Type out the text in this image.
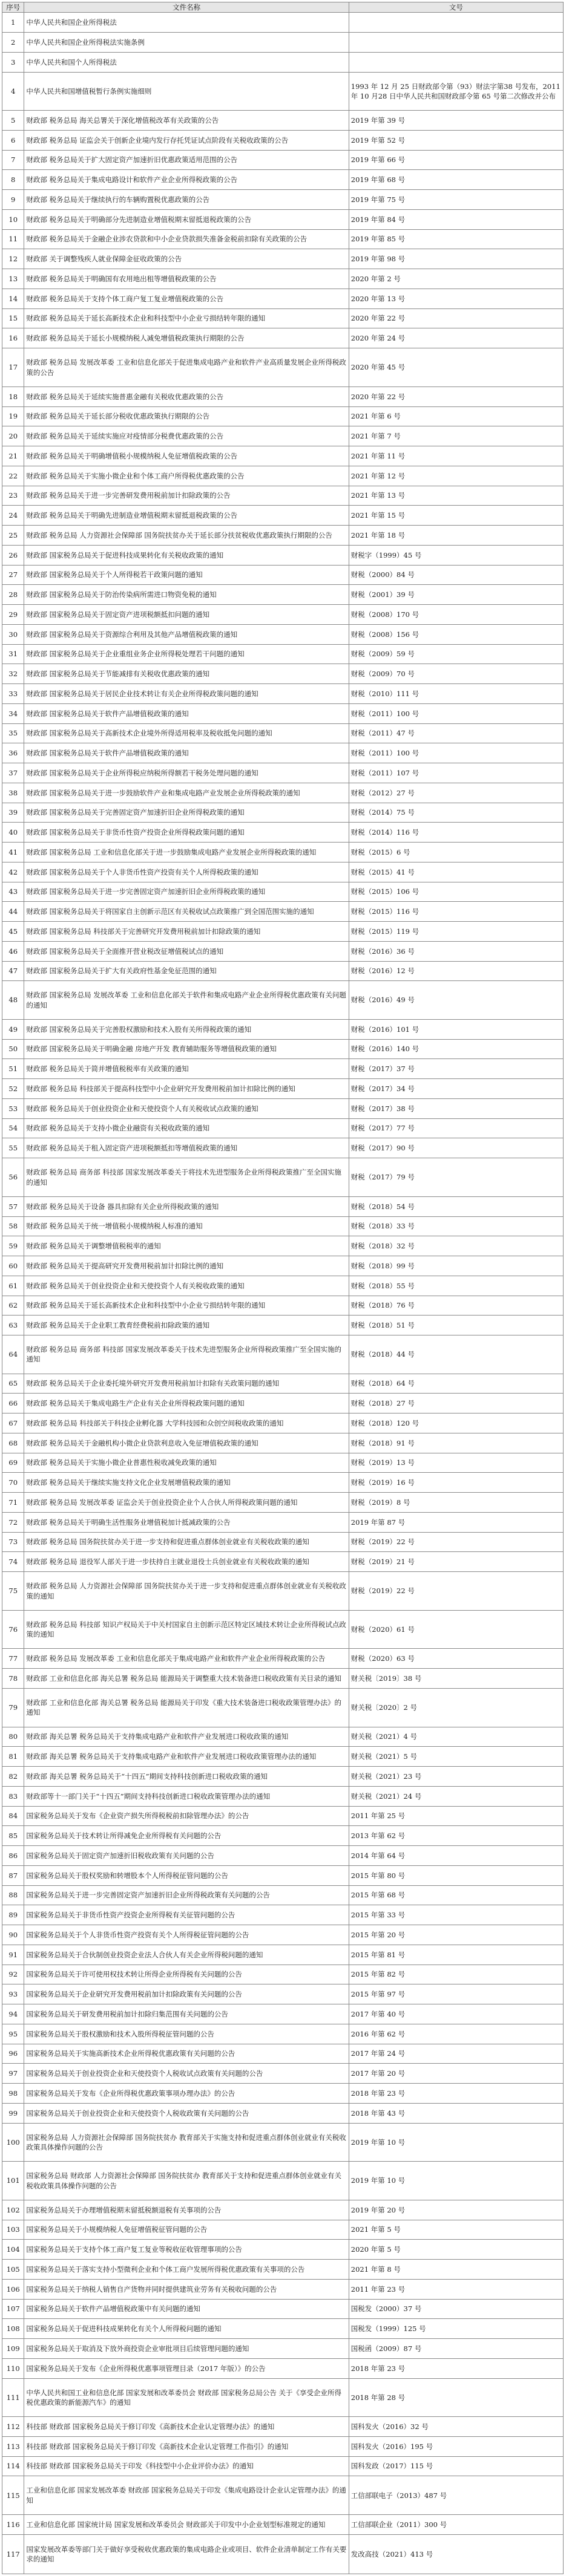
序号	文件名称	文号
1	中华人民共和国企业所得税法	
2	中华人民共和国企业所得税法实施条例	
3	中华人民共和国个人所得税法	
4	中华人民共和国增值税暂行条例实施细则	1993 年 12 月 25 日财政部令第（93）财法字第38 号发布，2011 年 10 月28 日中华人民共和国财政部令第 65 号第二次修改并公布
5	财政部 税务总局 海关总署关于深化增值税改革有关政策的公告	2019 年第 39 号
6	财政部 税务总局 证监会关于创新企业境内发行存托凭证试点阶段有关税收政策的公告	2019 年第 52 号
7	财政部 税务总局关于扩大固定资产加速折旧优惠政策适用范围的公告	2019 年第 66 号
8	财政部 税务总局关于集成电路设计和软件产业企业所得税政策的公告	2019 年第 68 号
9	财政部 税务总局关于继续执行的车辆购置税优惠政策的公告	2019 年第 75 号
10	财政部 税务总局关于明确部分先进制造业增值税期末留抵退税政策的公告	2019 年第 84 号
11	财政部 税务总局关于金融企业涉农贷款和中小企业贷款损失准备金税前扣除有关政策的公告	2019 年第 85 号
12	财政部 关于调整残疾人就业保障金征收政策的公告	2019 年第 98 号
13	财政部 税务总局关于明确国有农用地出租等增值税政策的公告	2020 年第 2 号
14	财政部 税务总局关于支持个体工商户复工复业增值税政策的公告	2020 年第 13 号
15	财政部 税务总局关于延长高新技术企业和科技型中小企业亏损结转年限的通知	2020 年第 22 号
16	财政部 税务总局关于延长小规模纳税人减免增值税政策执行期限的公告	2020 年第 24 号
17	财政部 税务总局 发展改革委 工业和信息化部关于促进集成电路产业和软件产业高质量发展企业所得税政策的公告	2020 年第 45 号
18	财政部 税务总局关于延续实施普惠金融有关税收优惠政策的公告	2020 年第 22 号
19	财政部 税务总局关于延长部分税收优惠政策执行期限的公告	2021 年第 6 号
20	财政部 税务总局关于延续实施应对疫情部分税费优惠政策的公告	2021 年第 7 号
21	财政部 税务总局关于明确增值税小规模纳税人免征增值税政策的公告	2021 年第 11 号
22	财政部 税务总局关于实施小微企业和个体工商户所得税优惠政策的公告	2021 年第 12 号
23	财政部 税务总局关于进一步完善研发费用税前加计扣除政策的公告	2021 年第 13 号
24	财政部 税务总局关于明确先进制造业增值税期末留抵退税政策的公告	2021 年第 15 号
25	财政部 税务总局 人力资源社会保障部 国务院扶贫办关于延长部分扶贫税收优惠政策执行期限的公告	2021 年第 18 号
26	财政部 国家税务总局关于促进科技成果转化有关税收政策的通知	财税字（1999）45 号
27	财政部 国家税务总局关于个人所得税若干政策问题的通知	财税（2000）84 号
28	财政部 国家税务总局关于防治传染病所需进口物资免税的通知	财税（2001）39 号
29	财政部 国家税务总局关于固定资产进项税额抵扣问题的通知	财税（2008）170 号
30	财政部 国家税务总局关于资源综合利用及其他产品增值税政策的通知	财税（2008）156 号
31	财政部 国家税务总局关于企业重组业务企业所得税处理若干问题的通知	财税（2009）59 号
32	财政部 国家税务总局关于节能减排有关税收优惠政策的通知	财税（2009）70 号
33	财政部 国家税务总局关于居民企业技术转让有关企业所得税政策问题的通知	财税（2010）111 号
34	财政部 国家税务总局关于软件产品增值税政策的通知	财税（2011）100 号
35	财政部 国家税务总局关于高新技术企业境外所得适用税率及税收抵免问题的通知	财税（2011）47 号
36	财政部 国家税务总局关于软件产品增值税政策的通知	财税（2011）100 号
37	财政部 国家税务总局关于企业所得税应纳税所得额若干税务处理问题的通知	财税（2011）107 号
38	财政部 国家税务总局关于进一步鼓励软件产业和集成电路产业发展企业所得税政策的通知	财税（2012）27 号
39	财政部 国家税务总局关于完善固定资产加速折旧企业所得税政策的通知	财税（2014）75 号
40	财政部 国家税务总局关于非货币性资产投资企业所得税政策问题的通知	财税（2014）116 号
41	财政部 国家税务总局 工业和信息化部关于进一步鼓励集成电路产业发展企业所得税政策的通知	财税（2015）6 号
42	财政部 国家税务总局关于个人非货币性资产投资有关个人所得税政策的通知	财税（2015）41 号
43	财政部 国家税务总局关于进一步完善固定资产加速折旧企业所得税政策的通知	财税（2015）106 号
44	财政部 国家税务总局关于将国家自主创新示范区有关税收试点政策推广到全国范围实施的通知	财税（2015）116 号
45	财政部 国家税务总局 科技部关于完善研究开发费用税前加计扣除政策的通知	财税（2015）119 号
46	财政部 国家税务总局关于全面推开营业税改征增值税试点的通知	财税（2016）36 号
47	财政部 国家税务总局关于扩大有关政府性基金免征范围的通知	财税（2016）12 号
48	财政部 国家税务总局 发展改革委 工业和信息化部关于软件和集成电路产业企业所得税优惠政策有关问题的通知	财税（2016）49 号
49	财政部 国家税务总局关于完善股权激励和技术入股有关所得税政策的通知	财税（2016）101 号
50	财政部 国家税务总局关于明确金融 房地产开发 教育辅助服务等增值税政策的通知	财税（2016）140 号
51	财政部 税务总局关于简并增值税税率有关政策的通知	财税（2017）37 号
52	财政部 税务总局 科技部关于提高科技型中小企业研究开发费用税前加计扣除比例的通知	财税（2017）34 号
53	财政部 税务总局关于创业投资企业和天使投资个人有关税收试点政策的通知	财税（2017）38 号
54	财政部 税务总局关于支持小微企业融资有关税收政策的通知	财税（2017）77 号
55	财政部 税务总局关于租入固定资产进项税额抵扣等增值税政策的通知	财税（2017）90 号
56	财政部 税务总局 商务部 科技部 国家发展改革委关于将技术先进型服务企业所得税政策推广至全国实施的通知	财税（2017）79 号
57	财政部 税务总局关于设备 器具扣除有关企业所得税政策的通知	财税（2018）54 号
58	财政部 税务总局关于统一增值税小规模纳税人标准的通知	财税（2018）33 号
59	财政部 税务总局关于调整增值税税率的通知	财税（2018）32 号
60	财政部 税务总局关于提高研究开发费用税前加计扣除比例的通知	财税（2018）99 号
61	财政部 税务总局关于创业投资企业和天使投资个人有关税收政策的通知	财税（2018）55 号
62	财政部 税务总局关于延长高新技术企业和科技型中小企业亏损结转年限的通知	财税（2018）76 号
63	财政部 税务总局关于企业职工教育经费税前扣除政策的通知	财税（2018）51 号
64	财政部 税务总局 商务部 科技部 国家发展改革委关于技术先进型服务企业所得税政策推广至全国实施的通知	财税（2018）44 号
65	财政部 税务总局关于企业委托境外研究开发费用税前加计扣除有关政策问题的通知	财税（2018）64 号
66	财政部 税务总局关于集成电路生产企业有关企业所得税政策问题的通知	财税（2018）27 号
67	财政部 税务总局 科技部关于科技企业孵化器 大学科技园和众创空间税收政策的通知	财税（2018）120 号
68	财政部 税务总局关于金融机构小微企业贷款利息收入免征增值税政策的通知	财税（2018）91 号
69	财政部 税务总局关于实施小微企业普惠性税收减免政策的通知	财税（2019）13 号
70	财政部 税务总局关于继续实施支持文化企业发展增值税政策的通知	财税（2019）16 号
71	财政部 税务总局 发展改革委 证监会关于创业投资企业个人合伙人所得税政策问题的通知	财税（2019）8 号
72	财政部 税务总局关于明确生活性服务业增值税加计抵减政策的公告	2019 年第 87 号
73	财政部 税务总局 国务院扶贫办关于进一步支持和促进重点群体创业就业有关税收政策的通知	财税（2019）22 号
74	财政部 税务总局 退役军人部关于进一步扶持自主就业退役士兵创业就业有关税收政策的通知	财税（2019）21 号
75	财政部 税务总局 人力资源社会保障部 国务院扶贫办关于进一步支持和促进重点群体创业就业有关税收政策的通知	财税（2019）22 号
76	财政部 税务总局 科技部 知识产权局关于中关村国家自主创新示范区特定区域技术转让企业所得税试点政策的通知	财税（2020）61 号
77	财政部 税务总局 发展改革委 工业和信息化部关于集成电路产业和软件产业企业所得税政策的公告	财税（2020）63 号
78	财政部 工业和信息化部 海关总署 税务总局 能源局关于调整重大技术装备进口税收政策有关目录的通知	财关税〔2019〕38 号
79	财政部 工业和信息化部 海关总署 税务总局 能源局关于印发《重大技术装备进口税收政策管理办法》的通知	财关税〔2020〕2 号
80	财政部 海关总署 税务总局关于支持集成电路产业和软件产业发展进口税收政策的通知	财关税（2021）4 号
81	财政部 海关总署 税务总局关于支持集成电路产业和软件产业发展进口税收政策管理办法的通知	财关税（2021）5 号
82	财政部 海关总署 税务总局关于“十四五”期间支持科技创新进口税收政策的通知	财关税（2021）23 号
83	财政部等十一部门关于“十四五”期间支持科技创新进口税收政策管理办法的通知	财关税（2021）24 号
84	国家税务总局关于发布《企业资产损失所得税税前扣除管理办法》的公告	2011 年第 25 号
85	国家税务总局关于技术转让所得减免企业所得税有关问题的公告	2013 年第 62 号
86	国家税务总局关于固定资产加速折旧税收政策有关问题的公告	2014 年第 64 号
87	国家税务总局关于股权奖励和转增股本个人所得税征管问题的公告	2015 年第 80 号
88	国家税务总局关于进一步完善固定资产加速折旧企业所得税政策有关问题的公告	2015 年第 68 号
89	国家税务总局关于非货币性资产投资企业所得税有关征管问题的公告	2015 年第 33 号
90	国家税务总局关于个人非货币性资产投资有关个人所得税征管问题的公告	2015 年第 20 号
91	国家税务总局关于合伙制创业投资企业法人合伙人有关企业所得税问题的通知	2015 年第 81 号
92	国家税务总局关于许可使用权技术转让所得企业所得税有关问题的公告	2015 年第 82 号
93	国家税务总局关于企业研究开发费用税前加计扣除政策有关问题的公告	2015 年第 97 号
94	国家税务总局关于研发费用税前加计扣除归集范围有关问题的公告	2017 年第 40 号
95	国家税务总局关于股权激励和技术入股所得税征管问题的公告	2016 年第 62 号
96	国家税务总局关于实施高新技术企业所得税优惠政策有关问题的公告	2017 年第 24 号
97	国家税务总局关于创业投资企业和天使投资个人税收试点政策有关问题的公告	2017 年第 20 号
98	国家税务总局关于发布《企业所得税优惠政策事项办理办法》的公告	2018 年第 23 号
99	国家税务总局关于创业投资企业和天使投资个人税收政策有关问题的公告	2018 年第 43 号
100	国家税务总局 人力资源社会保障部 国务院扶贫办 教育部关于实施支持和促进重点群体创业就业有关税收政策具体操作问题的公告	2019 年第 10 号
101	国家税务总局 财政部 人力资源社会保障部 国务院扶贫办 教育部关于支持和促进重点群体创业就业有关税收政策具体操作问题的公告	2019 年第 10 号
102	国家税务总局关于办理增值税期末留抵税额退税有关事项的公告	2019 年第 20 号
103	国家税务总局关于小规模纳税人免征增值税征管问题的公告	2021 年第 5 号
104	国家税务总局关于支持个体工商户复工复业等税收征收管理事项的公告	2020 年第 5 号
105	国家税务总局关于落实支持小型微利企业和个体工商户发展所得税优惠政策有关事项的公告	2021 年第 8 号
106	国家税务总局关于纳税人销售自产货物并同时提供建筑业劳务有关税收问题的公告	2011 年第 23 号
107	国家税务总局关于软件产品增值税政策中有关问题的通知	国税发（2000）37 号
108	国家税务总局关于促进科技成果转化有关个人所得税问题的通知	国税发（1999）125 号
109	国家税务总局关于取消及下放外商投资企业审批项目后续管理问题的通知	国税函（2009）87 号
110	国家税务总局关于发布《企业所得税优惠事项管理目录（2017 年版）》的公告	2018 年第 23 号
111	中华人民共和国工业和信息化部 国家发展和改革委员会 财政部 国家税务总局公告 关于《享受企业所得税优惠政策的新能源汽车》的通知	2018 年第 28 号
112	科技部 财政部 国家税务总局关于修订印发《高新技术企业认定管理办法》的通知	国科发火（2016）32 号
113	科技部 财政部 国家税务总局关于修订印发《高新技术企业认定管理工作指引》的通知	国科发火（2016）195 号
114	科技部 财政部 国家税务总局关于印发《科技型中小企业评价办法》的通知	国科发政（2017）115 号
115	工业和信息化部 国家发展改革委 财政部 国家税务总局关于印发《集成电路设计企业认定管理办法》的通知	工信部联电子（2013）487 号
116	工业和信息化部 国家统计局 国家发展和改革委员会 财政部关于印发中小企业划型标准规定的通知	工信部联企业（2011）300 号
117	国家发展改革委等部门关于做好享受税收优惠政策的集成电路企业或项目、软件企业清单制定工作有关要求的通知	发改高技（2021）413 号
